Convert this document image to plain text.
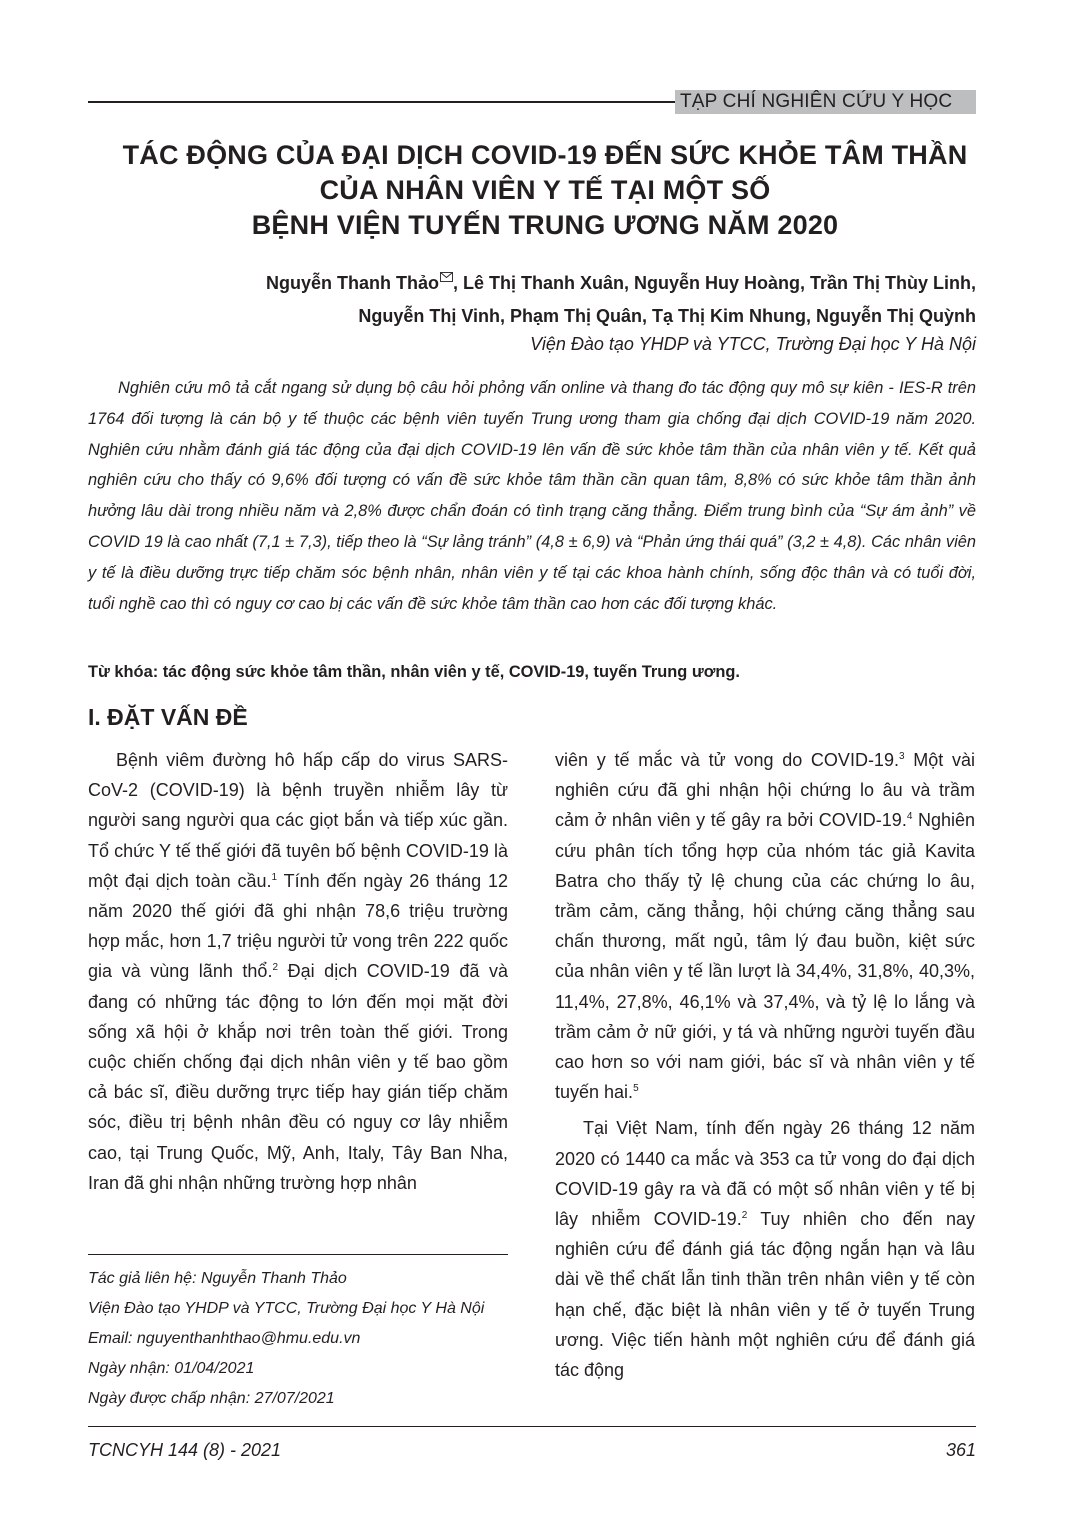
TẠP CHÍ NGHIÊN CỨU Y HỌC
TÁC ĐỘNG CỦA ĐẠI DỊCH COVID-19 ĐẾN SỨC KHỎE TÂM THẦN
CỦA NHÂN VIÊN Y TẾ TẠI MỘT SỐ
BỆNH VIỆN TUYẾN TRUNG ƯƠNG NĂM 2020
Nguyễn Thanh Thảo , Lê Thị Thanh Xuân, Nguyễn Huy Hoàng, Trần Thị Thùy Linh,
Nguyễn Thị Vinh, Phạm Thị Quân, Tạ Thị Kim Nhung, Nguyễn Thị Quỳnh
Viện Đào tạo YHDP và YTCC, Trường Đại học Y Hà Nội
Nghiên cứu mô tả cắt ngang sử dụng bộ câu hỏi phỏng vấn online và thang đo tác động quy mô sự kiên - IES-R trên 1764 đối tượng là cán bộ y tế thuộc các bệnh viên tuyến Trung ương tham gia chống đại dịch COVID-19 năm 2020. Nghiên cứu nhằm đánh giá tác động của đại dịch COVID-19 lên vấn đề sức khỏe tâm thần của nhân viên y tế. Kết quả nghiên cứu cho thấy có 9,6% đối tượng có vấn đề sức khỏe tâm thần cần quan tâm, 8,8% có sức khỏe tâm thần ảnh hưởng lâu dài trong nhiều năm và 2,8% được chẩn đoán có tình trạng căng thẳng. Điểm trung bình của “Sự ám ảnh” về COVID 19 là cao nhất (7,1 ± 7,3), tiếp theo là “Sự lảng tránh” (4,8 ± 6,9) và “Phản ứng thái quá” (3,2 ± 4,8). Các nhân viên y tế là điều dưỡng trực tiếp chăm sóc bệnh nhân, nhân viên y tế tại các khoa hành chính, sống độc thân và có tuổi đời, tuổi nghề cao thì có nguy cơ cao bị các vấn đề sức khỏe tâm thần cao hơn các đối tượng khác.
Từ khóa: tác động sức khỏe tâm thần, nhân viên y tế, COVID-19, tuyến Trung ương.
I. ĐẶT VẤN ĐỀ

Bệnh viêm đường hô hấp cấp do virus SARS-CoV-2 (COVID-19) là bệnh truyền nhiễm lây từ người sang người qua các giọt bắn và tiếp xúc gần. Tổ chức Y tế thế giới đã tuyên bố bệnh COVID-19 là một đại dịch toàn cầu.$^1$ Tính đến ngày 26 tháng 12 năm 2020 thế giới đã ghi nhận 78,6 triệu trường hợp mắc, hơn 1,7 triệu người tử vong trên 222 quốc gia và vùng lãnh thổ.$^2$ Đại dịch COVID-19 đã và đang có những tác động to lớn đến mọi mặt đời sống xã hội ở khắp nơi trên toàn thế giới. Trong cuộc chiến chống đại dịch nhân viên y tế bao gồm cả bác sĩ, điều dưỡng trực tiếp hay gián tiếp chăm sóc, điều trị bệnh nhân đều có nguy cơ lây nhiễm cao, tại Trung Quốc, Mỹ, Anh, Italy, Tây Ban Nha, Iran đã ghi nhận những trường hợp nhân

viên y tế mắc và tử vong do COVID-19.$^3$ Một vài nghiên cứu đã ghi nhận hội chứng lo âu và trầm cảm ở nhân viên y tế gây ra bởi COVID-19.$^4$ Nghiên cứu phân tích tổng hợp của nhóm tác giả Kavita Batra cho thấy tỷ lệ chung của các chứng lo âu, trầm cảm, căng thẳng, hội chứng căng thẳng sau chấn thương, mất ngủ, tâm lý đau buồn, kiệt sức của nhân viên y tế lần lượt là 34,4%, 31,8%, 40,3%, 11,4%, 27,8%, 46,1% và 37,4%, và tỷ lệ lo lắng và trầm cảm ở nữ giới, y tá và những người tuyến đầu cao hơn so với nam giới, bác sĩ và nhân viên y tế tuyến hai.$^5$

Tại Việt Nam, tính đến ngày 26 tháng 12 năm 2020 có 1440 ca mắc và 353 ca tử vong do đại dịch COVID-19 gây ra và đã có một số nhân viên y tế bị lây nhiễm COVID-19.$^2$ Tuy nhiên cho đến nay nghiên cứu để đánh giá tác động ngắn hạn và lâu dài về thể chất lẫn tinh thần trên nhân viên y tế còn hạn chế, đặc biệt là nhân viên y tế ở tuyến Trung ương. Việc tiến hành một nghiên cứu để đánh giá tác động

Tác giả liên hệ: Nguyễn Thanh Thảo
Viện Đào tạo YHDP và YTCC, Trường Đại học Y Hà Nội
Email: nguyenthanhthao@hmu.edu.vn
Ngày nhận: 01/04/2021
Ngày được chấp nhận: 27/07/2021
TCNCYH 144 (8) - 2021	361
